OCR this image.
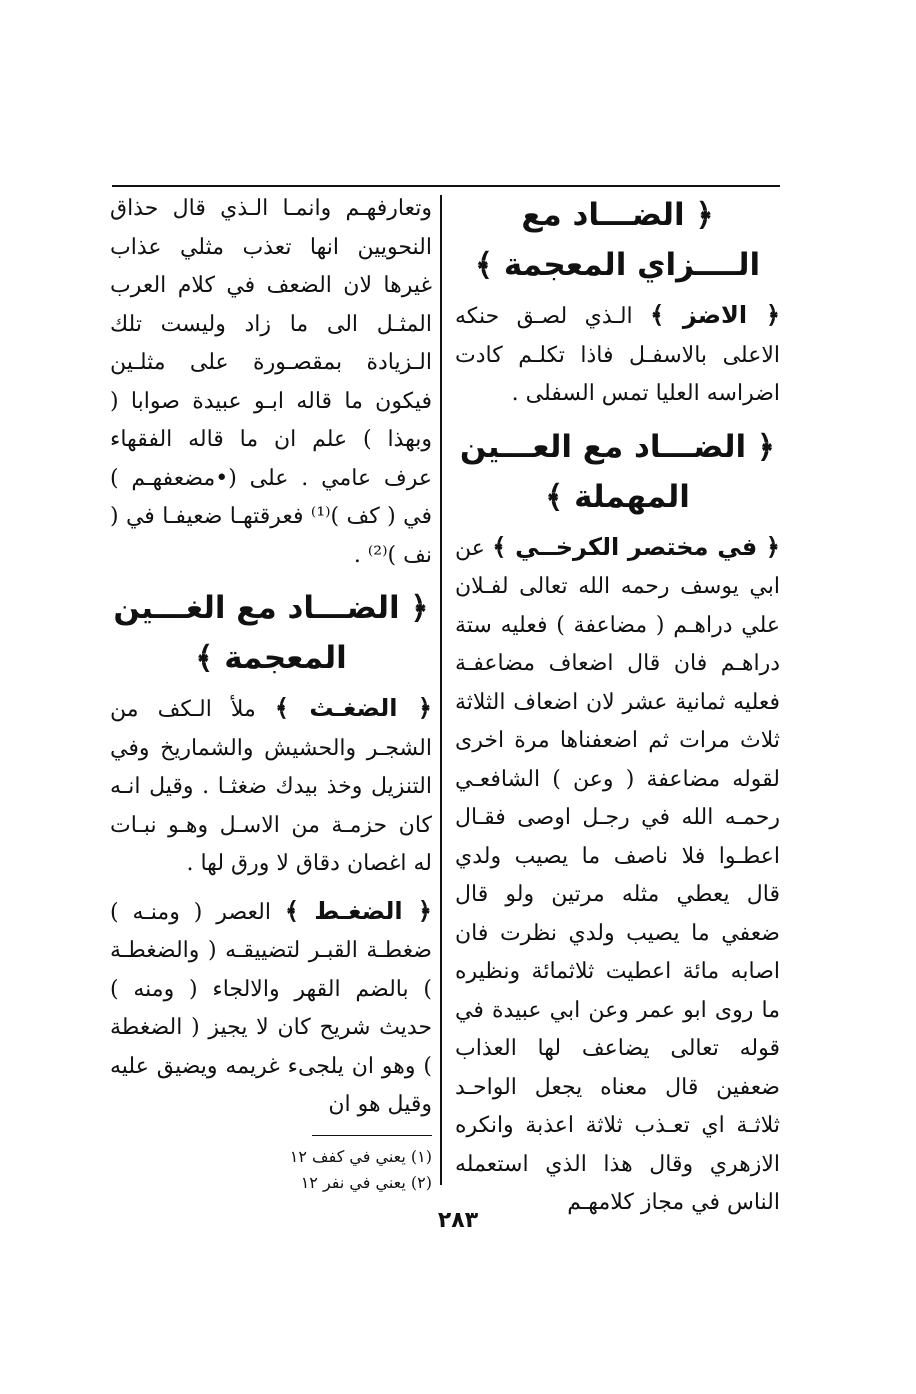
﴿ الضـــاد مع الــــزاي المعجمة ﴾

﴿ الاضز ﴾ الـذي لصـق حنكه الاعلى بالاسفـل فاذا تكلـم كادت اضراسه العليا تمس السفلى .

﴿ الضـــاد مع العـــين المهملة ﴾

﴿ في مختصر الكرخــي ﴾ عن ابي يوسف رحمه الله تعالى لفـلان علي دراهـم ( مضاعفة ) فعليه ستة دراهـم فان قال اضعاف مضاعفـة فعليه ثمانية عشر لان اضعاف الثلاثة ثلاث مرات ثم اضعفناها مرة اخرى لقوله مضاعفة ( وعن ) الشافعـي رحمـه الله في رجـل اوصى فقـال اعطـوا فلا ناصف ما يصيب ولدي قال يعطي مثله مرتين ولو قال ضعفي ما يصيب ولدي نظرت فان اصابه مائة اعطيت ثلاثمائة ونظيره ما روى ابو عمر وعن ابي عبيدة في قوله تعالى يضاعف لها العذاب ضعفين قال معناه يجعل الواحـد ثلاثـة اي تعـذب ثلاثة اعذبة وانكره الازهري وقال هذا الذي استعمله الناس في مجاز كلامهـم

وتعارفهـم وانمـا الـذي قال حذاق النحويين انها تعذب مثلي عذاب غيرها لان الضعف في كلام العرب المثـل الى ما زاد وليست تلك الـزيادة بمقصـورة على مثلـين فيكون ما قاله ابـو عبيدة صوابا ( وبهذا ) علم ان ما قاله الفقهاء عرف عامي . على (•مضعفهـم ) في ( كف )⁽¹⁾ فعرقتهـا ضعيفـا في ( نف )⁽²⁾ .

﴿ الضـــاد مع الغـــين المعجمة ﴾

﴿ الضغـث ﴾ ملأ الـكف من الشجـر والحشيش والشماريخ وفي التنزيل وخذ بيدك ضغثـا . وقيل انـه كان حزمـة من الاسـل وهـو نبـات له اغصان دقاق لا ورق لها .

﴿ الضغـط ﴾ العصر ( ومنـه ) ضغطـة القبـر لتضييقـه ( والضغطـة ) بالضم القهر والالجاء ( ومنه ) حديث شريح كان لا يجيز ( الضغطة ) وهو ان يلجىء غريمه ويضيق عليه وقيل هو ان

(١) يعني في كفف ١٢
(٢) يعني في نفر ١٢
٢٨٣
